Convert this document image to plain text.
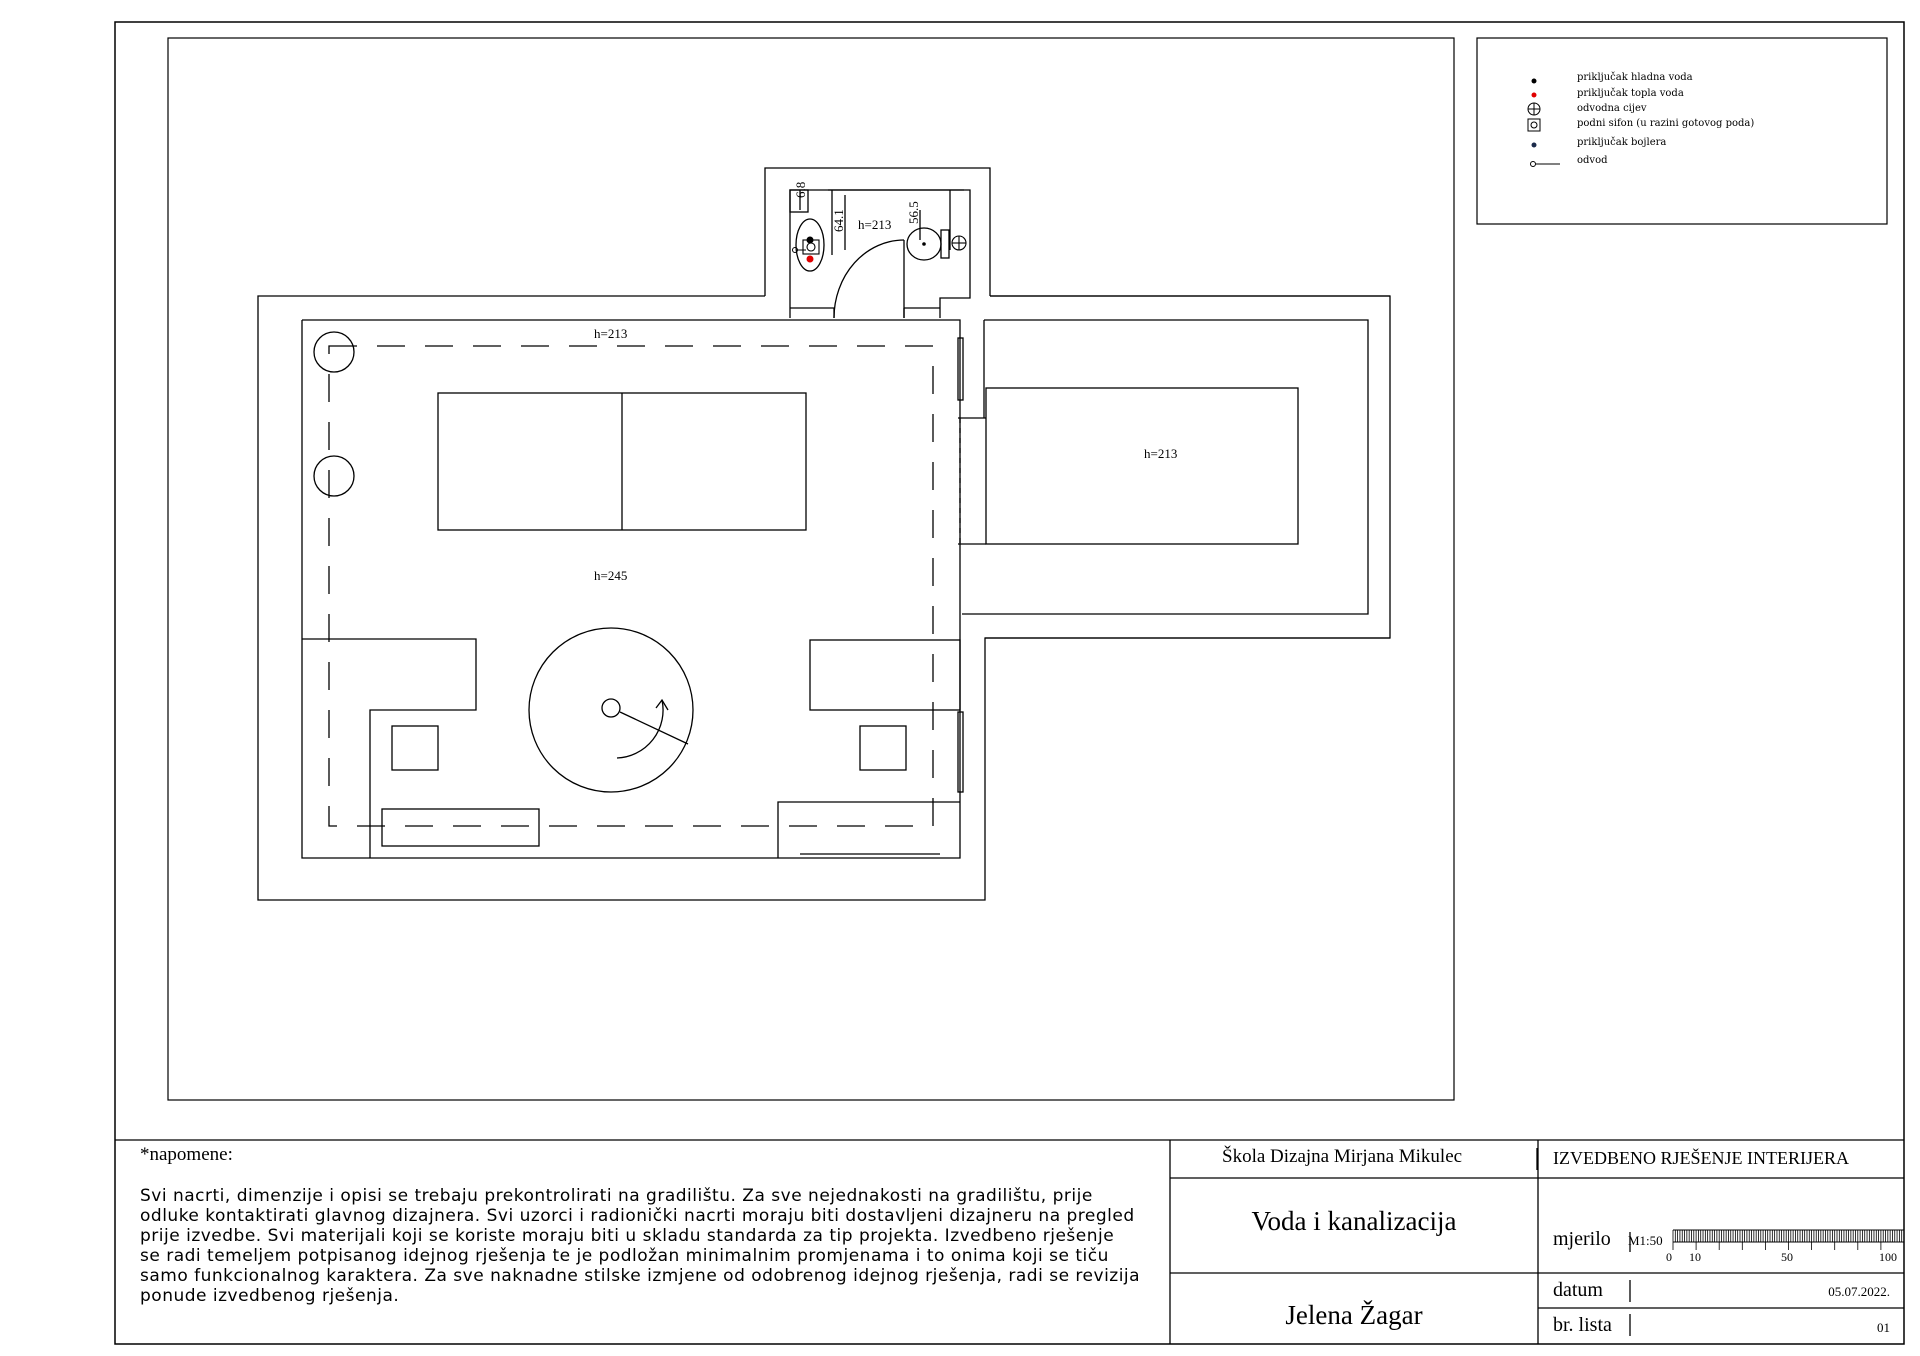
6.8
64.1	56.5
h=213
h=213
h=245
h=213
priključak hladna voda
priključak topla voda
odvodna cijev
podni sifon (u razini gotovog poda)
priključak bojlera
odvod
*napomene:
Svi nacrti, dimenzije i opisi se trebaju prekontrolirati na gradilištu. Za sve nejednakosti na gradilištu, prije
odluke kontaktirati glavnog dizajnera. Svi uzorci i radionički nacrti moraju biti dostavljeni dizajneru na pregled
prije izvedbe. Svi materijali koji se koriste moraju biti u skladu standarda za tip projekta. Izvedbeno rješenje
se radi temeljem potpisanog idejnog rješenja te je podložan minimalnim promjenama i to onima koji se tiču
samo funkcionalnog karaktera. Za sve naknadne stilske izmjene od odobrenog idejnog rješenja, radi se revizija
ponude izvedbenog rješenja.
Škola Dizajna Mirjana Mikulec	IZVEDBENO RJEŠENJE INTERIJERA
Voda i kanalizacija
Jelena Žagar
mjerilo M1:50
0 10	50	100
datum	05.07.2022.
br. lista	01
